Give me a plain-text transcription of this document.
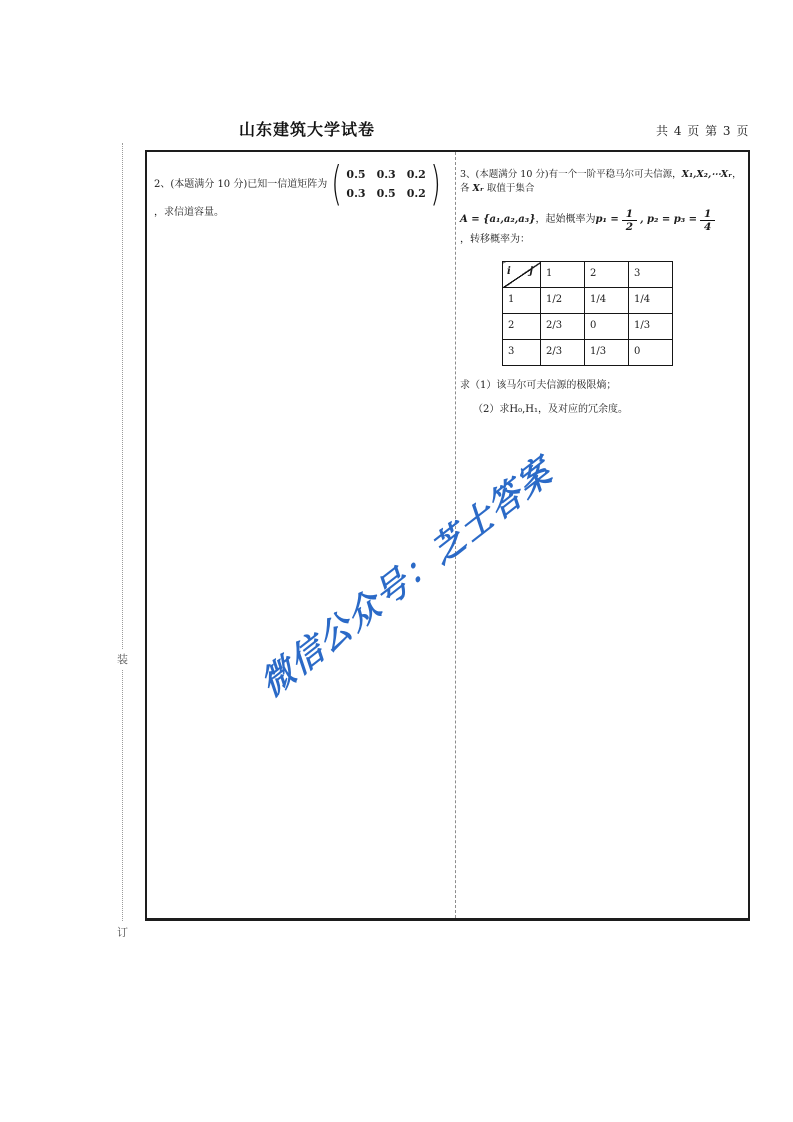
山东建筑大学试卷	共 4 页 第 3 页
装
订
微信公众号：芝士答案
2、(本题满分 10 分)已知一信道矩阵为 ( 0.5 0.3 0.2
0.3 0.5 0.2 )
，求信道容量。
3、(本题满分 10 分)有一个一阶平稳马尔可夫信源，X₁,X₂,⋯Xᵣ，各 Xᵣ 取值于集合
A = {a₁,a₂,a₃} ，起始概率为 $p_1 = \frac{1}{2}$ , $p_2 = p_3 = \frac{1}{4}$
，转移概率为：
i j	1	2	3
1	1/2	1/4	1/4
2	2/3	0	1/3
3	2/3	1/3	0
求（1）该马尔可夫信源的极限熵；
（2）求H₀,H₁，及对应的冗余度。
